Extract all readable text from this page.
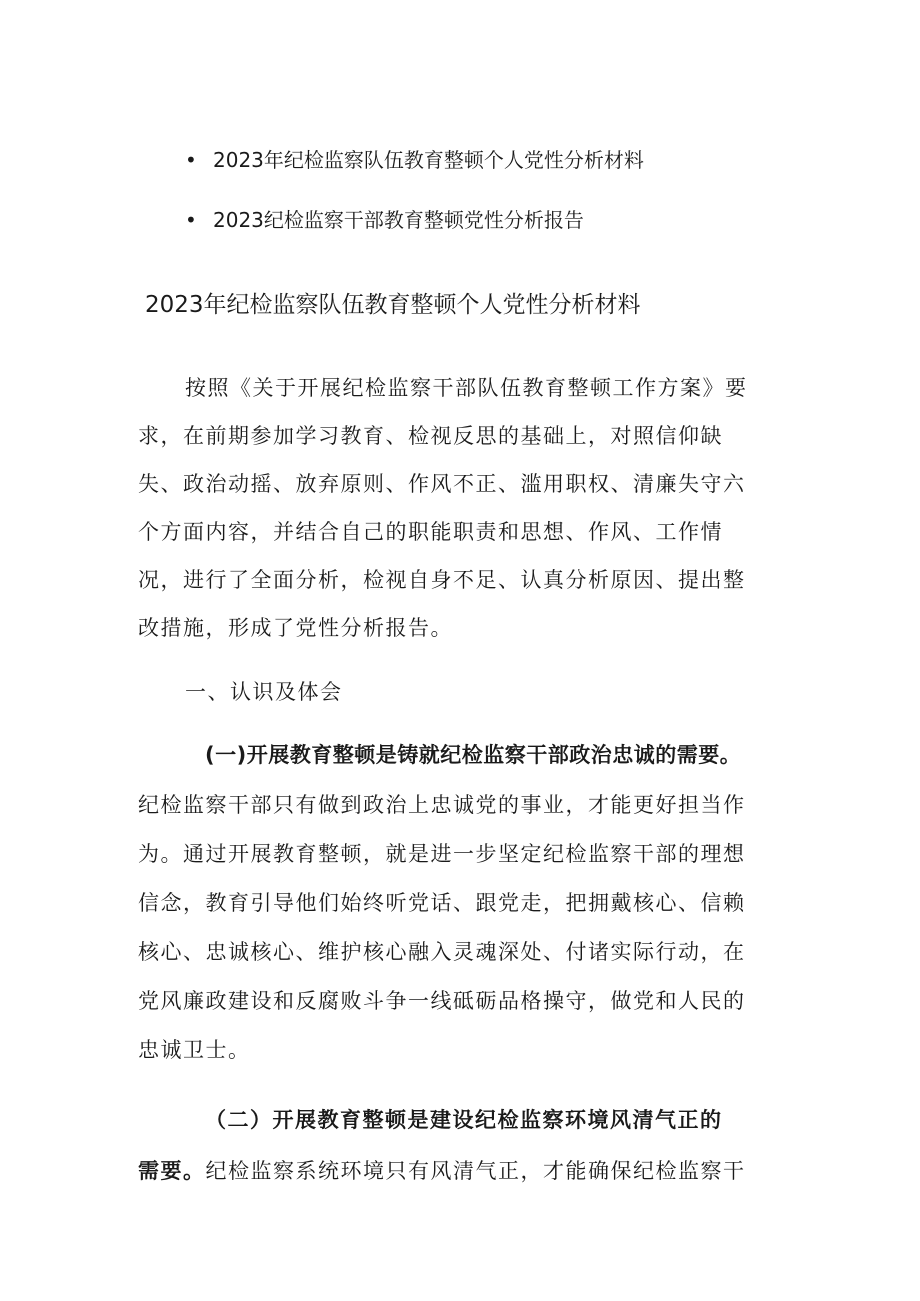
• 2023年纪检监察队伍教育整顿个人党性分析材料
• 2023纪检监察干部教育整顿党性分析报告
2023年纪检监察队伍教育整顿个人党性分析材料
按照《关于开展纪检监察干部队伍教育整顿工作方案》要
求，在前期参加学习教育、检视反思的基础上，对照信仰缺
失、政治动摇、放弃原则、作风不正、滥用职权、清廉失守六
个方面内容，并结合自己的职能职责和思想、作风、工作情
况，进行了全面分析，检视自身不足、认真分析原因、提出整
改措施，形成了党性分析报告。
一、认识及体会
(一)开展教育整顿是铸就纪检监察干部政治忠诚的需要。
纪检监察干部只有做到政治上忠诚党的事业，才能更好担当作
为。通过开展教育整顿，就是进一步坚定纪检监察干部的理想
信念，教育引导他们始终听党话、跟党走，把拥戴核心、信赖
核心、忠诚核心、维护核心融入灵魂深处、付诸实际行动，在
党风廉政建设和反腐败斗争一线砥砺品格操守，做党和人民的
忠诚卫士。
（二）开展教育整顿是建设纪检监察环境风清气正的
需要。纪检监察系统环境只有风清气正，才能确保纪检监察干
